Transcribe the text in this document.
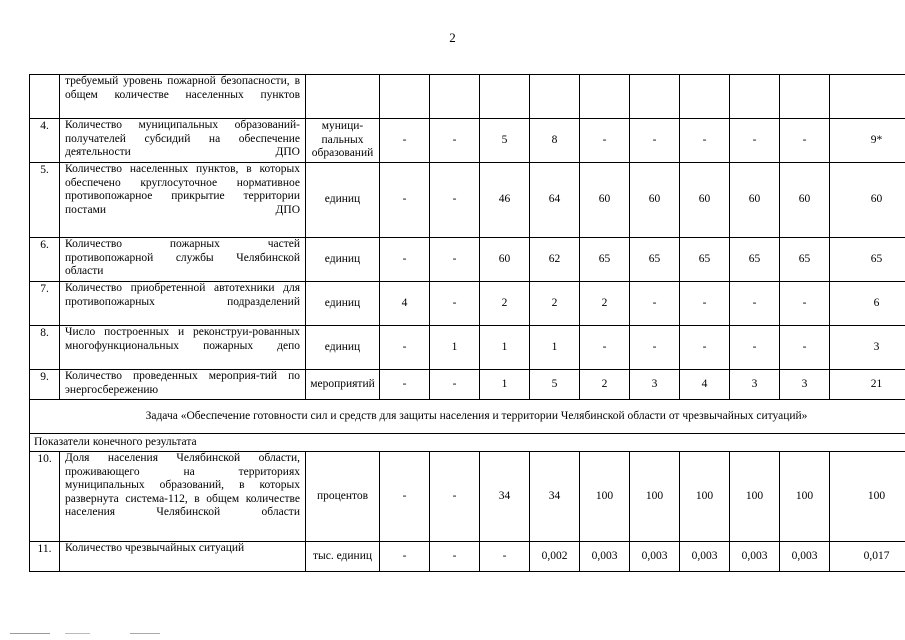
2
	требуемый уровень пожарной безопасности, в общем количестве населенных пунктов											
4.	Количество муниципальных образований-получателей субсидий на обеспечение деятельности ДПО	муници-пальных образований	-	-	5	8	-	-	-	-	-	9*
5.	Количество населенных пунктов, в которых обеспечено круглосуточное нормативное противопожарное прикрытие территории постами ДПО	единиц	-	-	46	64	60	60	60	60	60	60
6.	Количество пожарных частей противопожарной службы Челябинской области	единиц	-	-	60	62	65	65	65	65	65	65
7.	Количество приобретенной автотехники для противопожарных подразделений	единиц	4	-	2	2	2	-	-	-	-	6
8.	Число построенных и реконструи-рованных многофункциональных пожарных депо	единиц	-	1	1	1	-	-	-	-	-	3
9.	Количество проведенных мероприя-тий по энергосбережению	мероприятий	-	-	1	5	2	3	4	3	3	21
Задача «Обеспечение готовности сил и средств для защиты населения и территории Челябинской области от чрезвычайных ситуаций»												
Показатели конечного результата												
10.	Доля населения Челябинской области, проживающего на территориях муниципальных образований, в которых развернута система-112, в общем количестве населения Челябинской области	процентов	-	-	34	34	100	100	100	100	100	100
11.	Количество чрезвычайных ситуаций	тыс. единиц	-	-	-	0,002	0,003	0,003	0,003	0,003	0,003	0,017
